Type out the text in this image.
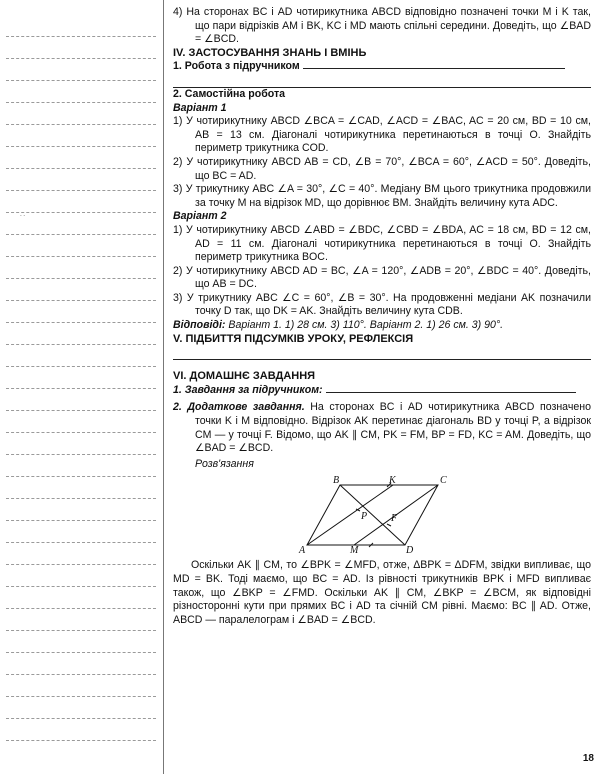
∴

4) На сторонах BC і AD чотирикутника ABCD відповідно позначені точки M і K так, що пари відрізків AM і BK, KC і MD мають спільні середини. Доведіть, що ∠BAD = ∠BCD.

IV. ЗАСТОСУВАННЯ ЗНАНЬ І ВМІНЬ

1. Робота з підручником

2. Самостійна робота

Варіант 1

1) У чотирикутнику ABCD ∠BCA = ∠CAD, ∠ACD = ∠BAC, AC = 20 см, BD = 10 см, AB = 13 см. Діагоналі чотирикутника перетинаються в точці O. Знайдіть периметр трикутника COD.

2) У чотирикутнику ABCD AB = CD, ∠B = 70°, ∠BCA = 60°, ∠ACD = 50°. Доведіть, що BC = AD.

3) У трикутнику ABC ∠A = 30°, ∠C = 40°. Медіану BM цього трикутника продовжили за точку M на відрізок MD, що дорівнює BM. Знайдіть величину кута ADC.

Варіант 2

1) У чотирикутнику ABCD ∠ABD = ∠BDC, ∠CBD = ∠BDA, AC = 18 см, BD = 12 см, AD = 11 см. Діагоналі чотирикутника перетинаються в точці O. Знайдіть периметр трикутника BOC.

2) У чотирикутнику ABCD AD = BC, ∠A = 120°, ∠ADB = 20°, ∠BDC = 40°. Доведіть, що AB = DC.

3) У трикутнику ABC ∠C = 60°, ∠B = 30°. На продовженні медіани AK позначили точку D так, що DK = AK. Знайдіть величину кута CDB.

Відповіді: Варіант 1. 1) 28 см. 3) 110°. Варіант 2. 1) 26 см. 3) 90°.

V. ПІДБИТТЯ ПІДСУМКІВ УРОКУ, РЕФЛЕКСІЯ

VI. ДОМАШНЄ ЗАВДАННЯ

1. Завдання за підручником:

2. Додаткове завдання. На сторонах BC і AD чотирикутника ABCD позначено точки K і M відповідно. Відрізок AK перетинає діагональ BD у точці P, а відрізок CM — у точці F. Відомо, що AK ∥ CM, PK = FM, BP = FD, KC = AM. Доведіть, що ∠BAD = ∠BCD.

Розв'язання

B	K	C
A	M	D
P F

Оскільки AK ∥ CM, то ∠BPK = ∠MFD, отже, ΔBPK = ΔDFM, звідки випливає, що MD = BK. Тоді маємо, що BC = AD. Із рівності трикутників BPK і MFD випливає також, що ∠BKP = ∠FMD. Оскільки AK ∥ CM, ∠BKP = ∠BCM, як відповідні різносторонні кути при прямих BC і AD та січній CM рівні. Маємо: BC ∥ AD. Отже, ABCD — паралелограм і ∠BAD = ∠BCD.

18
